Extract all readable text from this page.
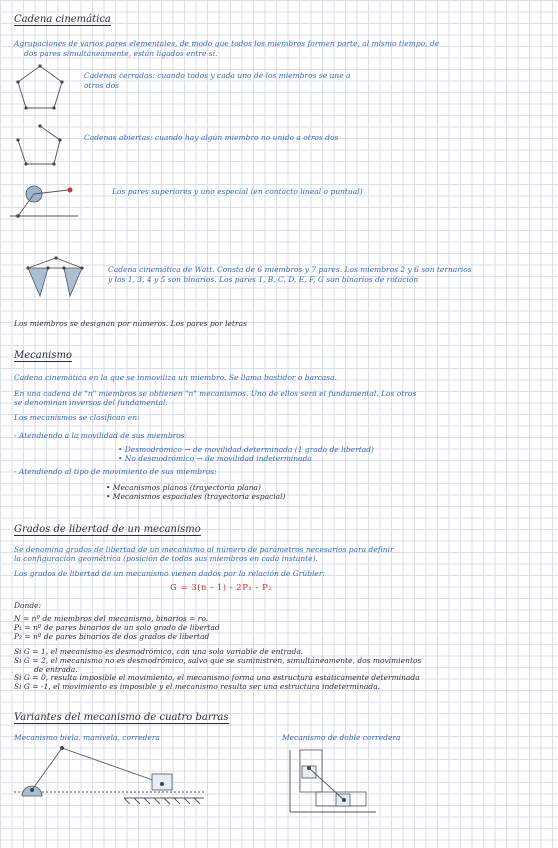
Cadena cinemática
Agrupaciones de varios pares elementales, de modo que todos los miembros formen parte, al mismo tiempo, de
dos pares simultáneamente, están ligados entre sí.
Cadenas cerradas: cuando todos y cada uno de los miembros se une a
otros dos
Cadenas abiertas: cuando hay algún miembro no unido a otros dos
Los pares superiores y uno especial (en contacto lineal o puntual)
Cadena cinemática de Watt. Consta de 6 miembros y 7 pares. Los miembros 2 y 6 son ternarios
y los 1, 3, 4 y 5 son binarios. Los pares 1, B, C, D, E, F, G son binarios de rotación
Los miembros se designan por números. Los pares por letras
Mecanismo
Cadena cinemática en la que se inmoviliza un miembro. Se llama bastidor o barcasa.
En una cadena de "n" miembros se obtienen "n" mecanismos. Uno de ellos será el fundamental. Los otros
se denominan inversos del fundamental.
Los mecanismos se clasifican en:
- Atendiendo a la movilidad de sus miembros:
• Desmodrómico → de movilidad determinada (1 grado de libertad)
• No desmodrómico → de movilidad indeterminada
- Atendiendo al tipo de movimiento de sus miembros:
• Mecanismos planos (trayectoria plana)
• Mecanismos espaciales (trayectoria espacial)
Grados de libertad de un mecanismo
Se denomina grados de libertad de un mecanismo al número de parámetros necesarios para definir
la configuración geométrica (posición de todos sus miembros en cada instante).
Los grados de libertad de un mecanismo vienen dados por la relación de Grübler:
G = 3(n - 1) - 2P₁ - P₂
Donde:
N = nº de miembros del mecanismo, binarios = ro.
P₁ = nº de pares binarios de un solo grado de libertad
P₂ = nº de pares binarios de dos grados de libertad
Si G = 1, el mecanismo es desmodrómico, con una sola variable de entrada.
Si G = 2, el mecanismo no es desmodrómico, salvo que se suministren, simultáneamente, dos movimientos
de entrada.
Si G = 0, resulta imposible el movimiento, el mecanismo forma una estructura estáticamente determinada
Si G = -1, el movimiento es imposible y el mecanismo resulta ser una estructura indeterminada.
Variantes del mecanismo de cuatro barras
Mecanismo biela, manivela, corredera	Mecanismo de doble corredera
